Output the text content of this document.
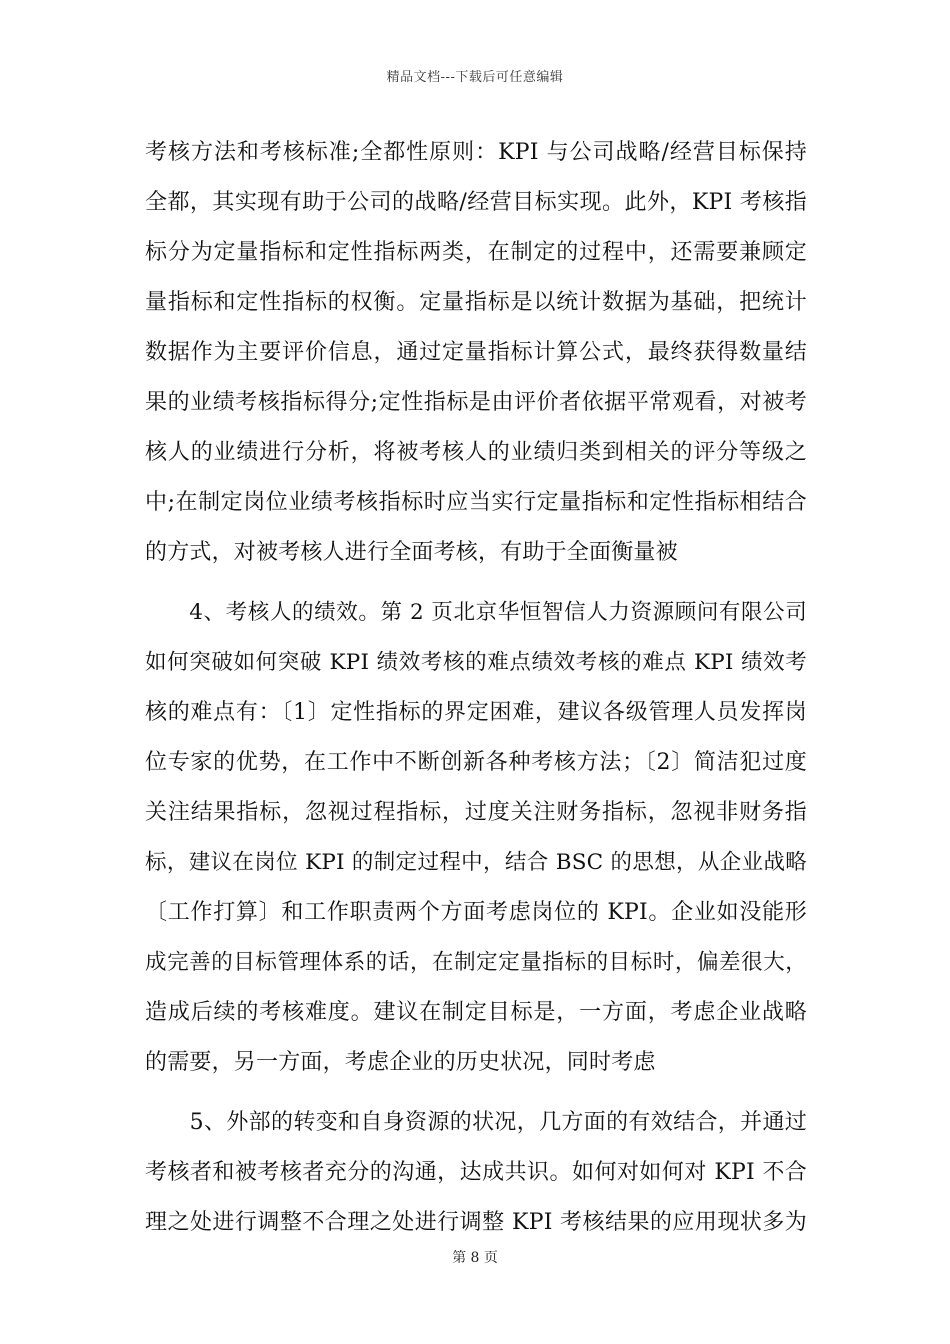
精品文档---下载后可任意编辑
考核方法和考核标准;全都性原则：KPI 与公司战略/经营目标保持
全都，其实现有助于公司的战略/经营目标实现。此外，KPI 考核指
标分为定量指标和定性指标两类，在制定的过程中，还需要兼顾定
量指标和定性指标的权衡。定量指标是以统计数据为基础，把统计
数据作为主要评价信息，通过定量指标计算公式，最终获得数量结
果的业绩考核指标得分;定性指标是由评价者依据平常观看，对被考
核人的业绩进行分析，将被考核人的业绩归类到相关的评分等级之
中;在制定岗位业绩考核指标时应当实行定量指标和定性指标相结合
的方式，对被考核人进行全面考核，有助于全面衡量被
　　4、考核人的绩效。第 2 页北京华恒智信人力资源顾问有限公司
如何突破如何突破 KPI 绩效考核的难点绩效考核的难点 KPI 绩效考
核的难点有：〔1〕定性指标的界定困难，建议各级管理人员发挥岗
位专家的优势，在工作中不断创新各种考核方法；〔2〕简洁犯过度
关注结果指标，忽视过程指标，过度关注财务指标，忽视非财务指
标，建议在岗位 KPI 的制定过程中，结合 BSC 的思想，从企业战略
〔工作打算〕和工作职责两个方面考虑岗位的 KPI。企业如没能形
成完善的目标管理体系的话，在制定定量指标的目标时，偏差很大，
造成后续的考核难度。建议在制定目标是，一方面，考虑企业战略
的需要，另一方面，考虑企业的历史状况，同时考虑
　　5、外部的转变和自身资源的状况，几方面的有效结合，并通过
考核者和被考核者充分的沟通，达成共识。如何对如何对 KPI 不合
理之处进行调整不合理之处进行调整 KPI 考核结果的应用现状多为
第 8 页
